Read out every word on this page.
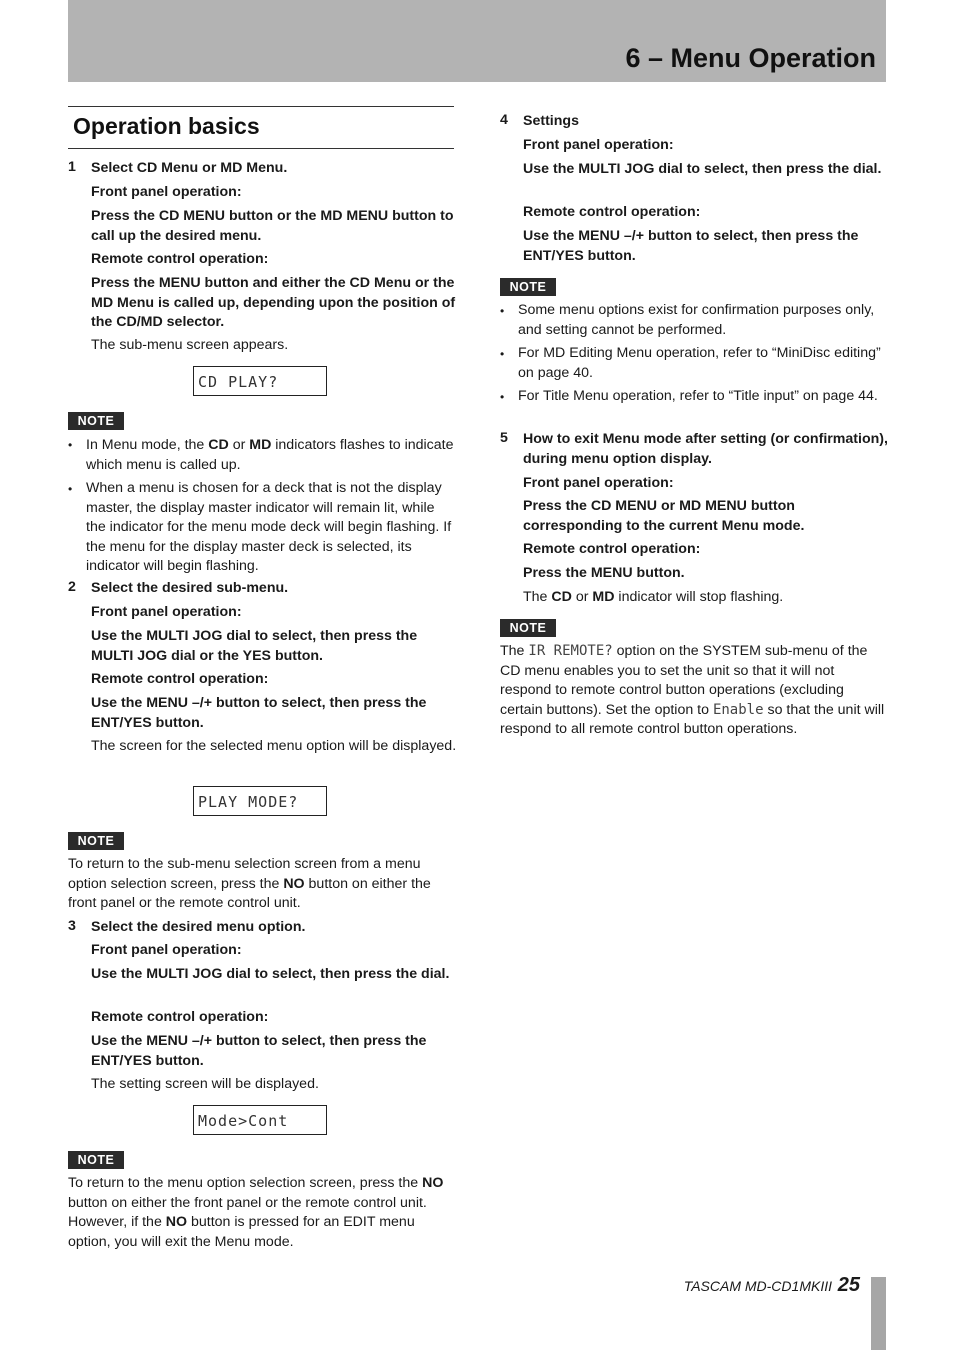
6 – Menu Operation
Operation basics
1 Select CD Menu or MD Menu.
Front panel operation:
Press the CD MENU button or the MD MENU button to call up the desired menu.
Remote control operation:
Press the MENU button and either the CD Menu or the MD Menu is called up, depending upon the position of the CD/MD selector.
The sub-menu screen appears.
CD PLAY?
NOTE
• In Menu mode, the CD or MD indicators flashes to indicate which menu is called up.
• When a menu is chosen for a deck that is not the display master, the display master indicator will remain lit, while the indicator for the menu mode deck will begin flashing. If the menu for the display master deck is selected, its indicator will begin flashing.
2 Select the desired sub-menu.
Front panel operation:
Use the MULTI JOG dial to select, then press the MULTI JOG dial or the YES button.
Remote control operation:
Use the MENU –/+ button to select, then press the ENT/YES button.
The screen for the selected menu option will be displayed.
PLAY MODE?
NOTE
To return to the sub-menu selection screen from a menu option selection screen, press the NO button on either the front panel or the remote control unit.
3 Select the desired menu option.
Front panel operation:
Use the MULTI JOG dial to select, then press the dial.
Remote control operation:
Use the MENU –/+ button to select, then press the ENT/YES button.
The setting screen will be displayed.
Mode>Cont
NOTE
To return to the menu option selection screen, press the NO button on either the front panel or the remote control unit. However, if the NO button is pressed for an EDIT menu option, you will exit the Menu mode.
4 Settings
Front panel operation:
Use the MULTI JOG dial to select, then press the dial.
Remote control operation:
Use the MENU –/+ button to select, then press the ENT/YES button.
NOTE
• Some menu options exist for confirmation purposes only, and setting cannot be performed.
• For MD Editing Menu operation, refer to “MiniDisc editing” on page 40.
• For Title Menu operation, refer to “Title input” on page 44.
5 How to exit Menu mode after setting (or confirmation), during menu option display.
Front panel operation:
Press the CD MENU or MD MENU button corresponding to the current Menu mode.
Remote control operation:
Press the MENU button.
The CD or MD indicator will stop flashing.
NOTE
The IR REMOTE? option on the SYSTEM sub-menu of the CD menu enables you to set the unit so that it will not respond to remote control button operations (excluding certain buttons). Set the option to Enable so that the unit will respond to all remote control button operations.
TASCAM MD-CD1MKIII 25
